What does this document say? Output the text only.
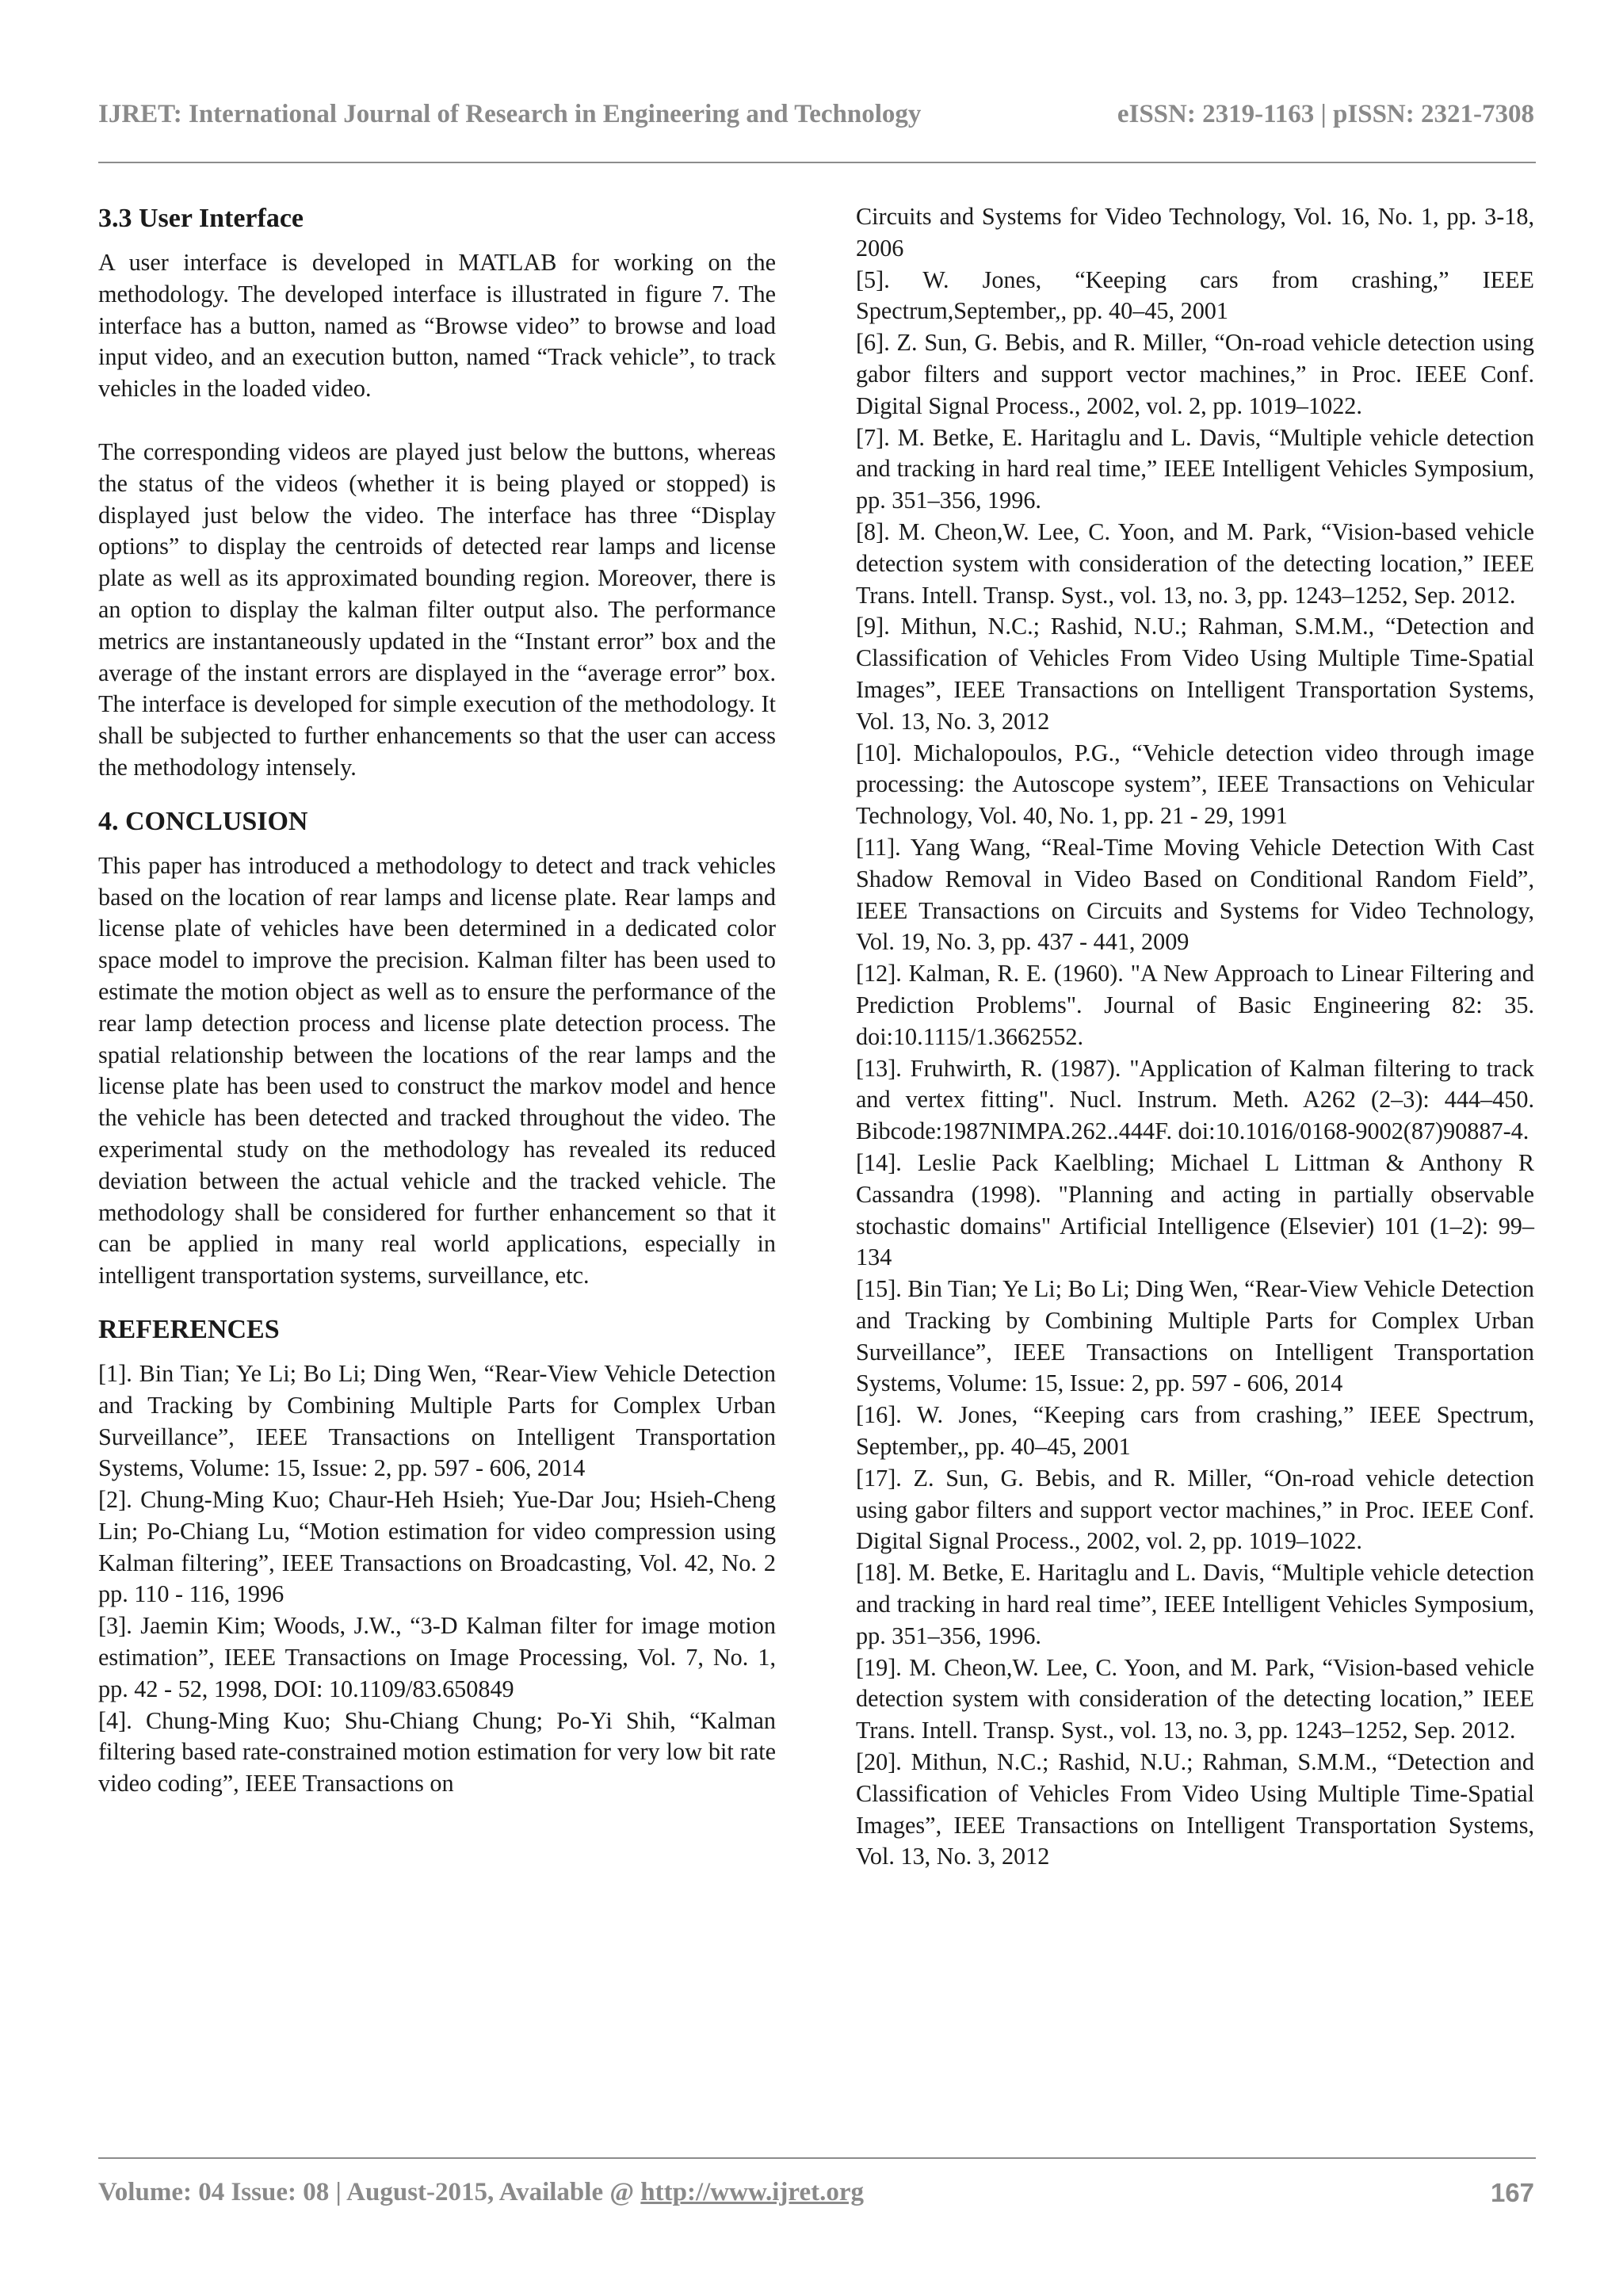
IJRET: International Journal of Research in Engineering and Technology	eISSN: 2319-1163 | pISSN: 2321-7308
3.3 User Interface

A user interface is developed in MATLAB for working on the methodology. The developed interface is illustrated in figure 7. The interface has a button, named as “Browse video” to browse and load input video, and an execution button, named “Track vehicle”, to track vehicles in the loaded video.

The corresponding videos are played just below the buttons, whereas the status of the videos (whether it is being played or stopped) is displayed just below the video. The interface has three “Display options” to display the centroids of detected rear lamps and license plate as well as its approximated bounding region. Moreover, there is an option to display the kalman filter output also. The performance metrics are instantaneously updated in the “Instant error” box and the average of the instant errors are displayed in the “average error” box. The interface is developed for simple execution of the methodology. It shall be subjected to further enhancements so that the user can access the methodology intensely.

4. CONCLUSION

This paper has introduced a methodology to detect and track vehicles based on the location of rear lamps and license plate. Rear lamps and license plate of vehicles have been determined in a dedicated color space model to improve the precision. Kalman filter has been used to estimate the motion object as well as to ensure the performance of the rear lamp detection process and license plate detection process. The spatial relationship between the locations of the rear lamps and the license plate has been used to construct the markov model and hence the vehicle has been detected and tracked throughout the video. The experimental study on the methodology has revealed its reduced deviation between the actual vehicle and the tracked vehicle. The methodology shall be considered for further enhancement so that it can be applied in many real world applications, especially in intelligent transportation systems, surveillance, etc.

REFERENCES

[1]. Bin Tian; Ye Li; Bo Li; Ding Wen, “Rear-View Vehicle Detection and Tracking by Combining Multiple Parts for Complex Urban Surveillance”, IEEE Transactions on Intelligent Transportation Systems, Volume: 15, Issue: 2, pp. 597 - 606, 2014

[2]. Chung-Ming Kuo; Chaur-Heh Hsieh; Yue-Dar Jou; Hsieh-Cheng Lin; Po-Chiang Lu, “Motion estimation for video compression using Kalman filtering”, IEEE Transactions on Broadcasting, Vol. 42, No. 2 pp. 110 - 116, 1996

[3]. Jaemin Kim; Woods, J.W., “3-D Kalman filter for image motion estimation”, IEEE Transactions on Image Processing, Vol. 7, No. 1, pp. 42 - 52, 1998, DOI: 10.1109/83.650849

[4]. Chung-Ming Kuo; Shu-Chiang Chung; Po-Yi Shih, “Kalman filtering based rate-constrained motion estimation for very low bit rate video coding”, IEEE Transactions on

Circuits and Systems for Video Technology, Vol. 16, No. 1, pp. 3-18, 2006

[5]. W. Jones, “Keeping cars from crashing,” IEEE Spectrum,September,, pp. 40–45, 2001

[6]. Z. Sun, G. Bebis, and R. Miller, “On-road vehicle detection using gabor filters and support vector machines,” in Proc. IEEE Conf. Digital Signal Process., 2002, vol. 2, pp. 1019–1022.

[7]. M. Betke, E. Haritaglu and L. Davis, “Multiple vehicle detection and tracking in hard real time,” IEEE Intelligent Vehicles Symposium, pp. 351–356, 1996.

[8]. M. Cheon,W. Lee, C. Yoon, and M. Park, “Vision-based vehicle detection system with consideration of the detecting location,” IEEE Trans. Intell. Transp. Syst., vol. 13, no. 3, pp. 1243–1252, Sep. 2012.

[9]. Mithun, N.C.; Rashid, N.U.; Rahman, S.M.M., “Detection and Classification of Vehicles From Video Using Multiple Time-Spatial Images”, IEEE Transactions on Intelligent Transportation Systems, Vol. 13, No. 3, 2012

[10]. Michalopoulos, P.G., “Vehicle detection video through image processing: the Autoscope system”, IEEE Transactions on Vehicular Technology, Vol. 40, No. 1, pp. 21 - 29, 1991

[11]. Yang Wang, “Real-Time Moving Vehicle Detection With Cast Shadow Removal in Video Based on Conditional Random Field”, IEEE Transactions on Circuits and Systems for Video Technology, Vol. 19, No. 3, pp. 437 - 441, 2009

[12]. Kalman, R. E. (1960). "A New Approach to Linear Filtering and Prediction Problems". Journal of Basic Engineering 82: 35. doi:10.1115/1.3662552.

[13]. Fruhwirth, R. (1987). "Application of Kalman filtering to track and vertex fitting". Nucl. Instrum. Meth. A262 (2–3): 444–450. Bibcode:1987NIMPA.262..444F. doi:10.1016/0168-9002(87)90887-4.

[14]. Leslie Pack Kaelbling; Michael L Littman & Anthony R Cassandra (1998). "Planning and acting in partially observable stochastic domains" Artificial Intelligence (Elsevier) 101 (1–2): 99–134

[15]. Bin Tian; Ye Li; Bo Li; Ding Wen, “Rear-View Vehicle Detection and Tracking by Combining Multiple Parts for Complex Urban Surveillance”, IEEE Transactions on Intelligent Transportation Systems, Volume: 15, Issue: 2, pp. 597 - 606, 2014

[16]. W. Jones, “Keeping cars from crashing,” IEEE Spectrum, September,, pp. 40–45, 2001

[17]. Z. Sun, G. Bebis, and R. Miller, “On-road vehicle detection using gabor filters and support vector machines,” in Proc. IEEE Conf. Digital Signal Process., 2002, vol. 2, pp. 1019–1022.

[18]. M. Betke, E. Haritaglu and L. Davis, “Multiple vehicle detection and tracking in hard real time”, IEEE Intelligent Vehicles Symposium, pp. 351–356, 1996.

[19]. M. Cheon,W. Lee, C. Yoon, and M. Park, “Vision-based vehicle detection system with consideration of the detecting location,” IEEE Trans. Intell. Transp. Syst., vol. 13, no. 3, pp. 1243–1252, Sep. 2012.

[20]. Mithun, N.C.; Rashid, N.U.; Rahman, S.M.M., “Detection and Classification of Vehicles From Video Using Multiple Time-Spatial Images”, IEEE Transactions on Intelligent Transportation Systems, Vol. 13, No. 3, 2012

Volume: 04 Issue: 08 | August-2015, Available @ http://www.ijret.org	167
